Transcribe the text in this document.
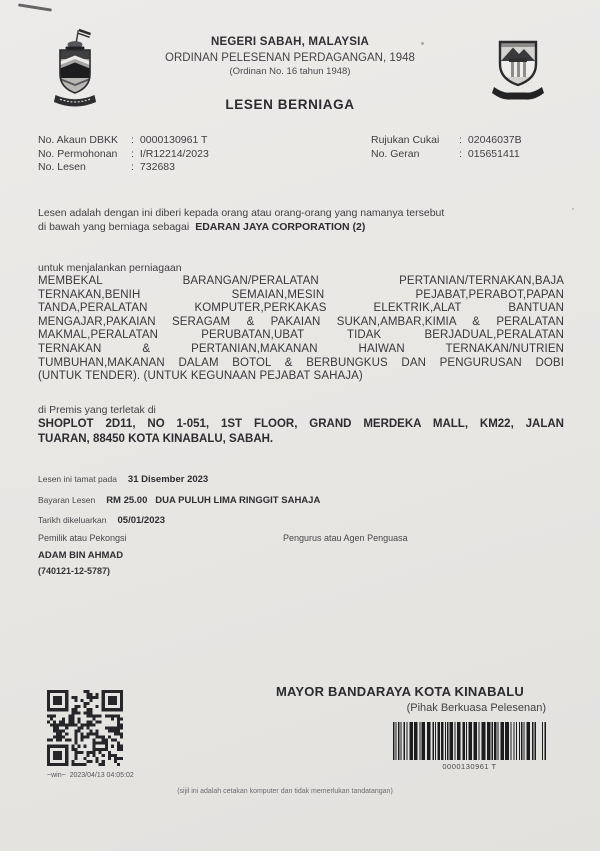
NEGERI SABAH, MALAYSIA
ORDINAN PELESENAN PERDAGANGAN, 1948
(Ordinan No. 16 tahun 1948)
LESEN BERNIAGA
No. Akaun DBKK :	0000130961 T
No. Permohonan :	I/R12214/2023
No. Lesen :	732683
Rujukan Cukai :	02046037B
No. Geran :	015651411
Lesen adalah dengan ini diberi kepada orang atau orang-orang yang namanya tersebut
di bawah yang berniaga sebagai EDARAN JAYA CORPORATION (2)
untuk menjalankan perniagaan
MEMBEKAL BARANGAN/PERALATAN PERTANIAN/TERNAKAN,BAJA
TERNAKAN,BENIH SEMAIAN,MESIN PEJABAT,PERABOT,PAPAN
TANDA,PERALATAN KOMPUTER,PERKAKAS ELEKTRIK,ALAT BANTUAN
MENGAJAR,PAKAIAN SERAGAM & PAKAIAN SUKAN,AMBAR,KIMIA & PERALATAN
MAKMAL,PERALATAN PERUBATAN,UBAT TIDAK BERJADUAL,PERALATAN
TERNAKAN & PERTANIAN,MAKANAN HAIWAN TERNAKAN/NUTRIEN
TUMBUHAN,MAKANAN DALAM BOTOL & BERBUNGKUS DAN PENGURUSAN DOBI
(UNTUK TENDER). (UNTUK KEGUNAAN PEJABAT SAHAJA)
di Premis yang terletak di
SHOPLOT 2D11, NO 1-051, 1ST FLOOR, GRAND MERDEKA MALL, KM22, JALAN
TUARAN, 88450 KOTA KINABALU, SABAH.
Lesen ini tamat pada 31 Disember 2023
Bayaran Lesen RM 25.00   DUA PULUH LIMA RINGGIT SAHAJA
Tarikh dikeluarkan 05/01/2023
Pemilik atau Pekongsi	Pengurus atau Agen Penguasa
ADAM BIN AHMAD
(740121-12-5787)
~win~  2023/04/13 04:05:02
MAYOR BANDARAYA KOTA KINABALU
(Pihak Berkuasa Pelesenan)
0000130961 T
(sijil ini adalah cetakan komputer dan tidak memerlukan tandatangan)
